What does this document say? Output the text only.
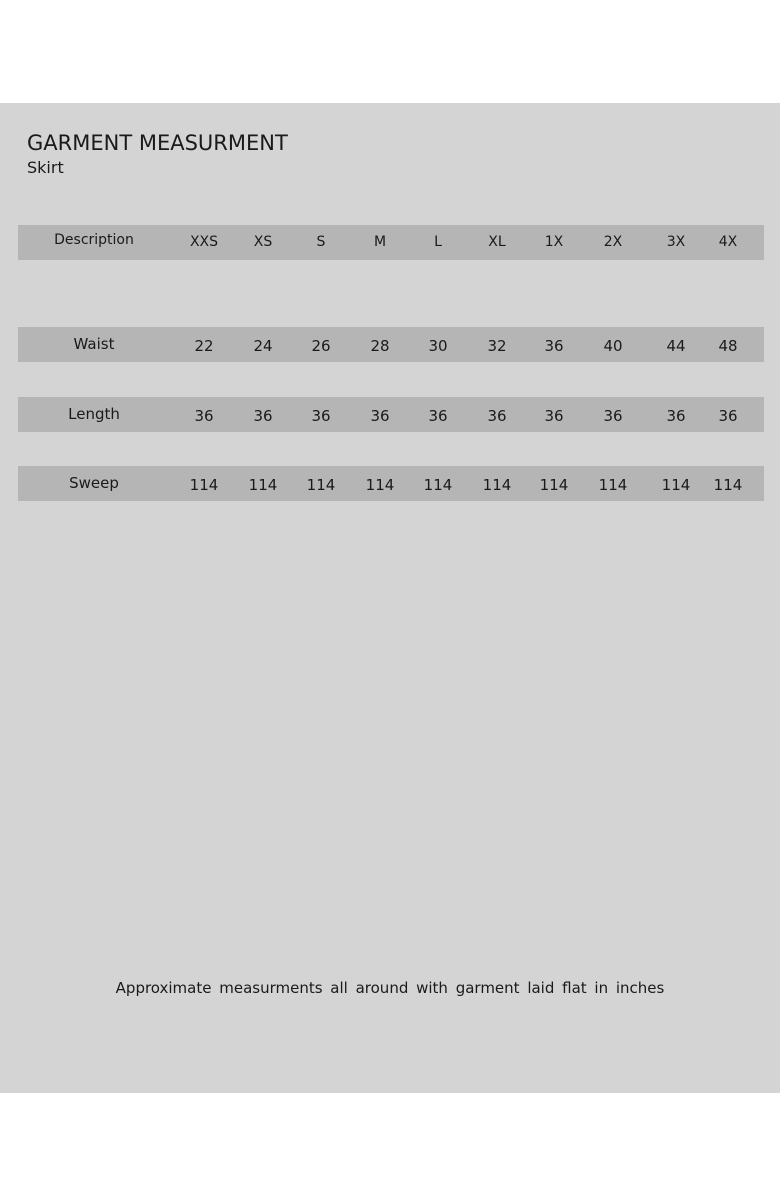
GARMENT MEASURMENT

Skirt

Description	XXS	XS	S	M	L	XL	1X	2X	3X 4X
Waist	22	24	26	28	30	32	36	40	44 48
Length	36	36	36	36	36	36	36	36	36 36
Sweep	114 114 114 114 114 114 114 114 114 114
Approximate measurments all around with garment laid flat in inches
